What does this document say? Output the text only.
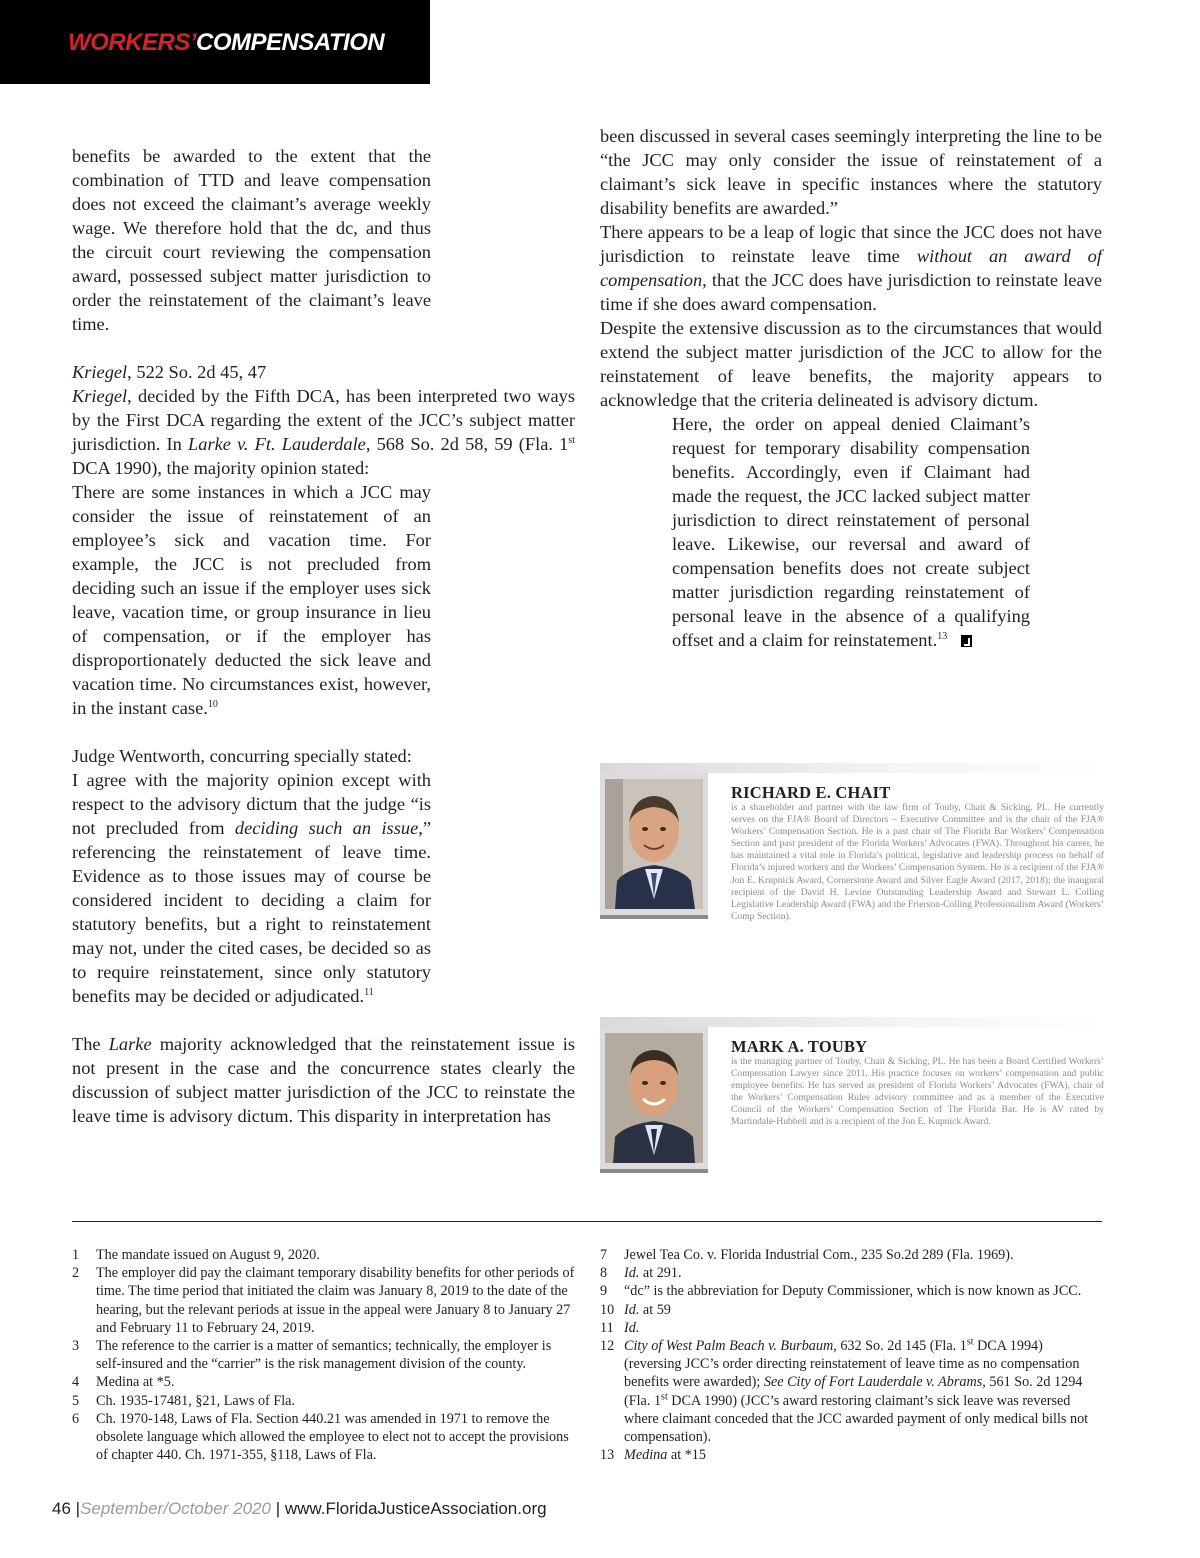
WORKERS’COMPENSATION

benefits be awarded to the extent that the combination of TTD and leave compensation does not exceed the claimant’s average weekly wage. We therefore hold that the dc, and thus the circuit court reviewing the compensation award, possessed subject matter jurisdiction to order the reinstatement of the claimant’s leave time.

Kriegel, 522 So. 2d 45, 47

Kriegel, decided by the Fifth DCA, has been interpreted two ways by the First DCA regarding the extent of the JCC’s subject matter jurisdiction. In Larke v. Ft. Lauderdale, 568 So. 2d 58, 59 (Fla. 1st DCA 1990), the majority opinion stated:

There are some instances in which a JCC may consider the issue of reinstatement of an employee’s sick and vacation time. For example, the JCC is not precluded from deciding such an issue if the employer uses sick leave, vacation time, or group insurance in lieu of compensation, or if the employer has disproportionately deducted the sick leave and vacation time. No circumstances exist, however, in the instant case.$^{10}$

Judge Wentworth, concurring specially stated:

I agree with the majority opinion except with respect to the advisory dictum that the judge “is not precluded from deciding such an issue,” referencing the reinstatement of leave time. Evidence as to those issues may of course be considered incident to deciding a claim for statutory benefits, but a right to reinstatement may not, under the cited cases, be decided so as to require reinstatement, since only statutory benefits may be decided or adjudicated.$^{11}$

The Larke majority acknowledged that the reinstatement issue is not present in the case and the concurrence states clearly the discussion of subject matter jurisdiction of the JCC to reinstate the leave time is advisory dictum. This disparity in interpretation has

been discussed in several cases seemingly interpreting the line to be “the JCC may only consider the issue of reinstatement of a claimant’s sick leave in specific instances where the statutory disability benefits are awarded.”

There appears to be a leap of logic that since the JCC does not have jurisdiction to reinstate leave time without an award of compensation, that the JCC does have jurisdiction to reinstate leave time if she does award compensation.

Despite the extensive discussion as to the circumstances that would extend the subject matter jurisdiction of the JCC to allow for the reinstatement of leave benefits, the majority appears to acknowledge that the criteria delineated is advisory dictum.

Here, the order on appeal denied Claimant’s request for temporary disability compensation benefits. Accordingly, even if Claimant had made the request, the JCC lacked subject matter jurisdiction to direct reinstatement of personal leave. Likewise, our reversal and award of compensation benefits does not create subject matter jurisdiction regarding reinstatement of personal leave in the absence of a qualifying offset and a claim for reinstatement.$^{13}$

RICHARD E. CHAIT
is a shareholder and partner with the law firm of Touby, Chait & Sicking, PL. He currently serves on the FJA® Board of Directors – Executive Committee and is the chair of the FJA® Workers’ Compensation Section. He is a past chair of The Florida Bar Workers’ Compensation Section and past president of the Florida Workers’ Advocates (FWA). Throughout his career, he has maintained a vital role in Florida’s political, legislative and leadership process on behalf of Florida’s injured workers and the Workers’ Compensation System. He is a recipient of the FJA® Jon E. Krupnick Award, Cornerstone Award and Silver Eagle Award (2017, 2018); the inaugural recipient of the David H. Levine Outstanding Leadership Award and Stewart L. Colling Legislative Leadership Award (FWA) and the Frierson-Colling Professionalism Award (Workers’ Comp Section).
MARK A. TOUBY
is the managing partner of Touby, Chait & Sicking, PL. He has been a Board Certified Workers’ Compensation Lawyer since 2011. His practice focuses on workers’ compensation and public employee benefits. He has served as president of Florida Workers’ Advocates (FWA), chair of the Workers’ Compensation Rules advisory committee and as a member of the Executive Council of the Workers’ Compensation Section of The Florida Bar. He is AV rated by Martindale-Hubbell and is a recipient of the Jon E. Kupnick Award.
1	The mandate issued on August 9, 2020.
2	The employer did pay the claimant temporary disability benefits for other periods of time. The time period that initiated the claim was January 8, 2019 to the date of the hearing, but the relevant periods at issue in the appeal were January 8 to January 27 and February 11 to February 24, 2019.
3	The reference to the carrier is a matter of semantics; technically, the employer is self-insured and the “carrier” is the risk management division of the county.
4	Medina at *5.
5	Ch. 1935-17481, §21, Laws of Fla.
6	Ch. 1970-148, Laws of Fla. Section 440.21 was amended in 1971 to remove the obsolete language which allowed the employee to elect not to accept the provisions of chapter 440. Ch. 1971-355, §118, Laws of Fla.
7	Jewel Tea Co. v. Florida Industrial Com., 235 So.2d 289 (Fla. 1969).
8	Id. at 291.
9	“dc” is the abbreviation for Deputy Commissioner, which is now known as JCC.
10 Id. at 59
11 Id.
12 City of West Palm Beach v. Burbaum, 632 So. 2d 145 (Fla. 1st DCA 1994) (reversing JCC’s order directing reinstatement of leave time as no compensation benefits were awarded); See City of Fort Lauderdale v. Abrams, 561 So. 2d 1294 (Fla. 1st DCA 1990) (JCC’s award restoring claimant’s sick leave was reversed where claimant conceded that the JCC awarded payment of only medical bills not compensation).
13 Medina at *15
46 |September/October 2020 | www.FloridaJusticeAssociation.org
